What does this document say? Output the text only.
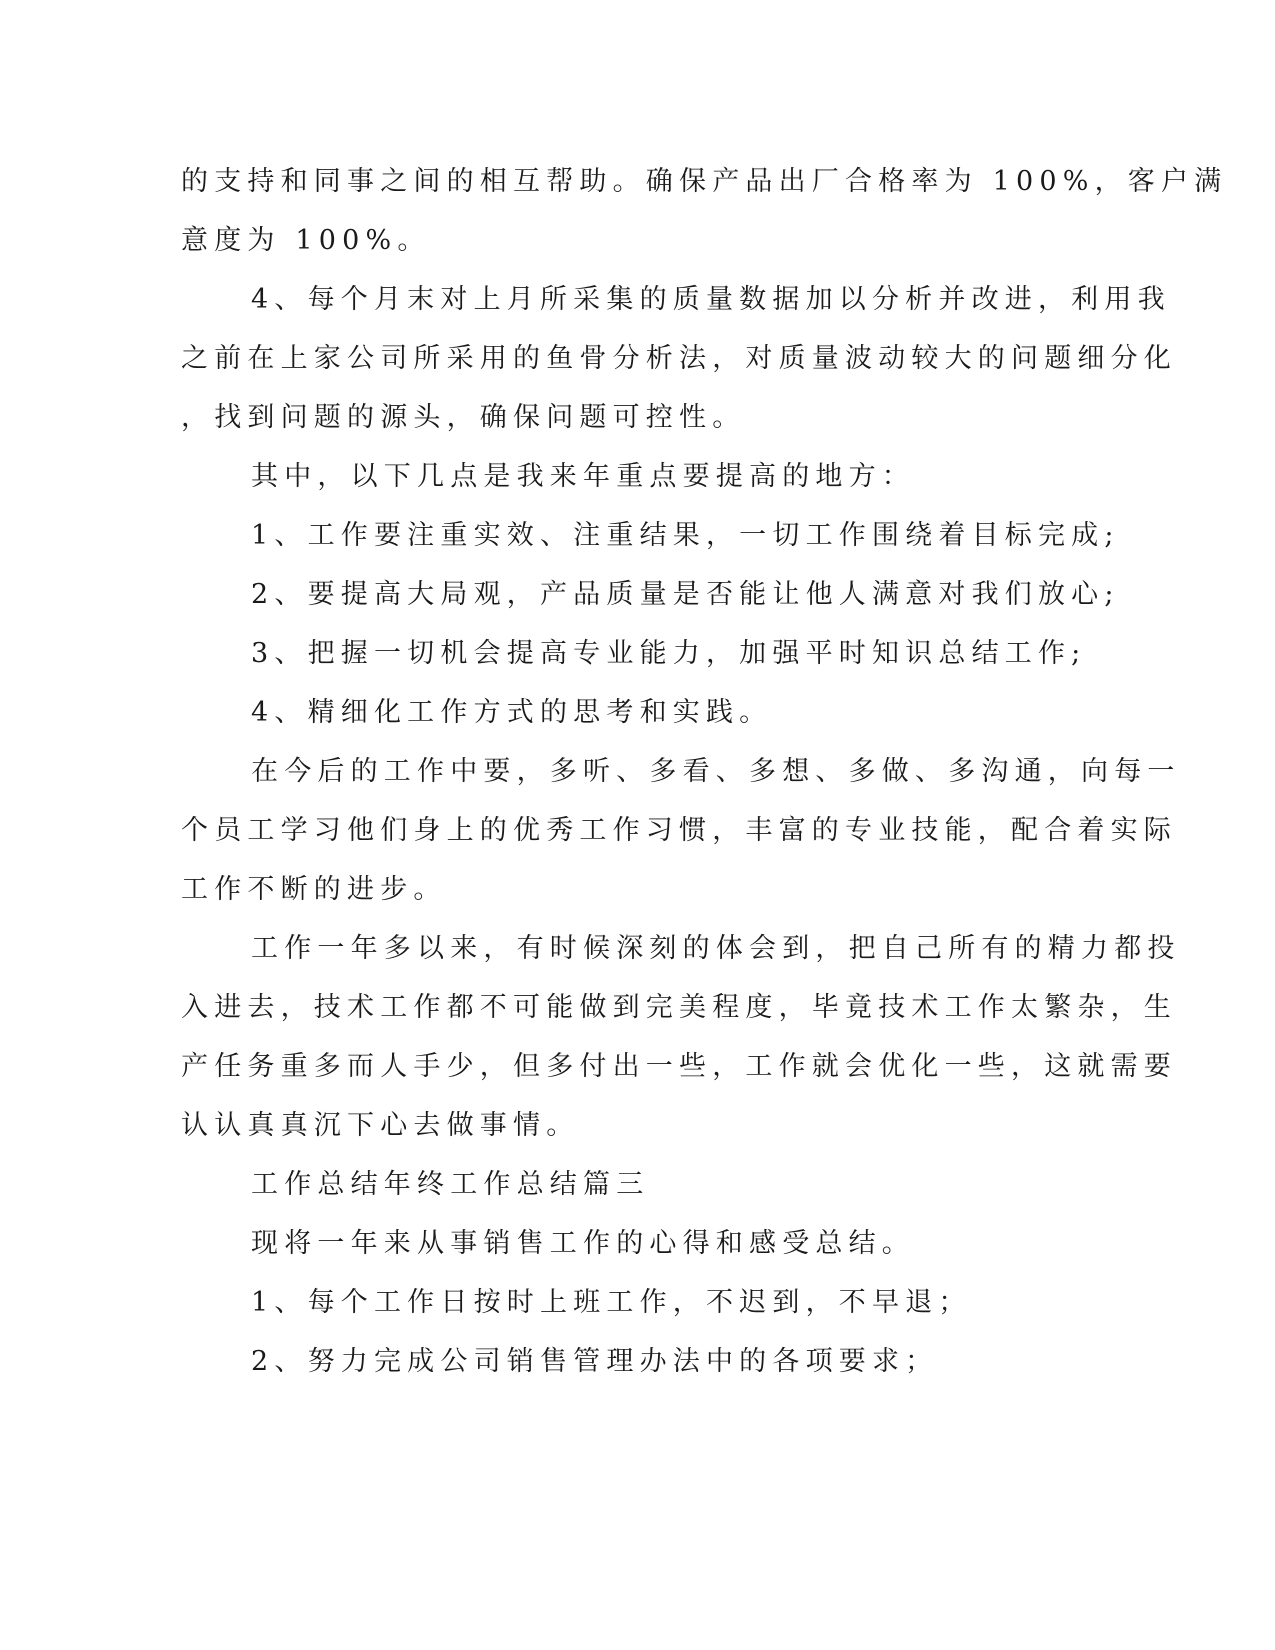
的支持和同事之间的相互帮助。确保产品出厂合格率为 100%，客户满
意度为 100%。
4、每个月末对上月所采集的质量数据加以分析并改进，利用我
之前在上家公司所采用的鱼骨分析法，对质量波动较大的问题细分化
，找到问题的源头，确保问题可控性。
其中，以下几点是我来年重点要提高的地方：
1、工作要注重实效、注重结果，一切工作围绕着目标完成;
2、要提高大局观，产品质量是否能让他人满意对我们放心;
3、把握一切机会提高专业能力，加强平时知识总结工作;
4、精细化工作方式的思考和实践。
在今后的工作中要，多听、多看、多想、多做、多沟通，向每一
个员工学习他们身上的优秀工作习惯，丰富的专业技能，配合着实际
工作不断的进步。
工作一年多以来，有时候深刻的体会到，把自己所有的精力都投
入进去，技术工作都不可能做到完美程度，毕竟技术工作太繁杂，生
产任务重多而人手少，但多付出一些，工作就会优化一些，这就需要
认认真真沉下心去做事情。
工作总结年终工作总结篇三
现将一年来从事销售工作的心得和感受总结。
1、每个工作日按时上班工作，不迟到，不早退；
2、努力完成公司销售管理办法中的各项要求；
